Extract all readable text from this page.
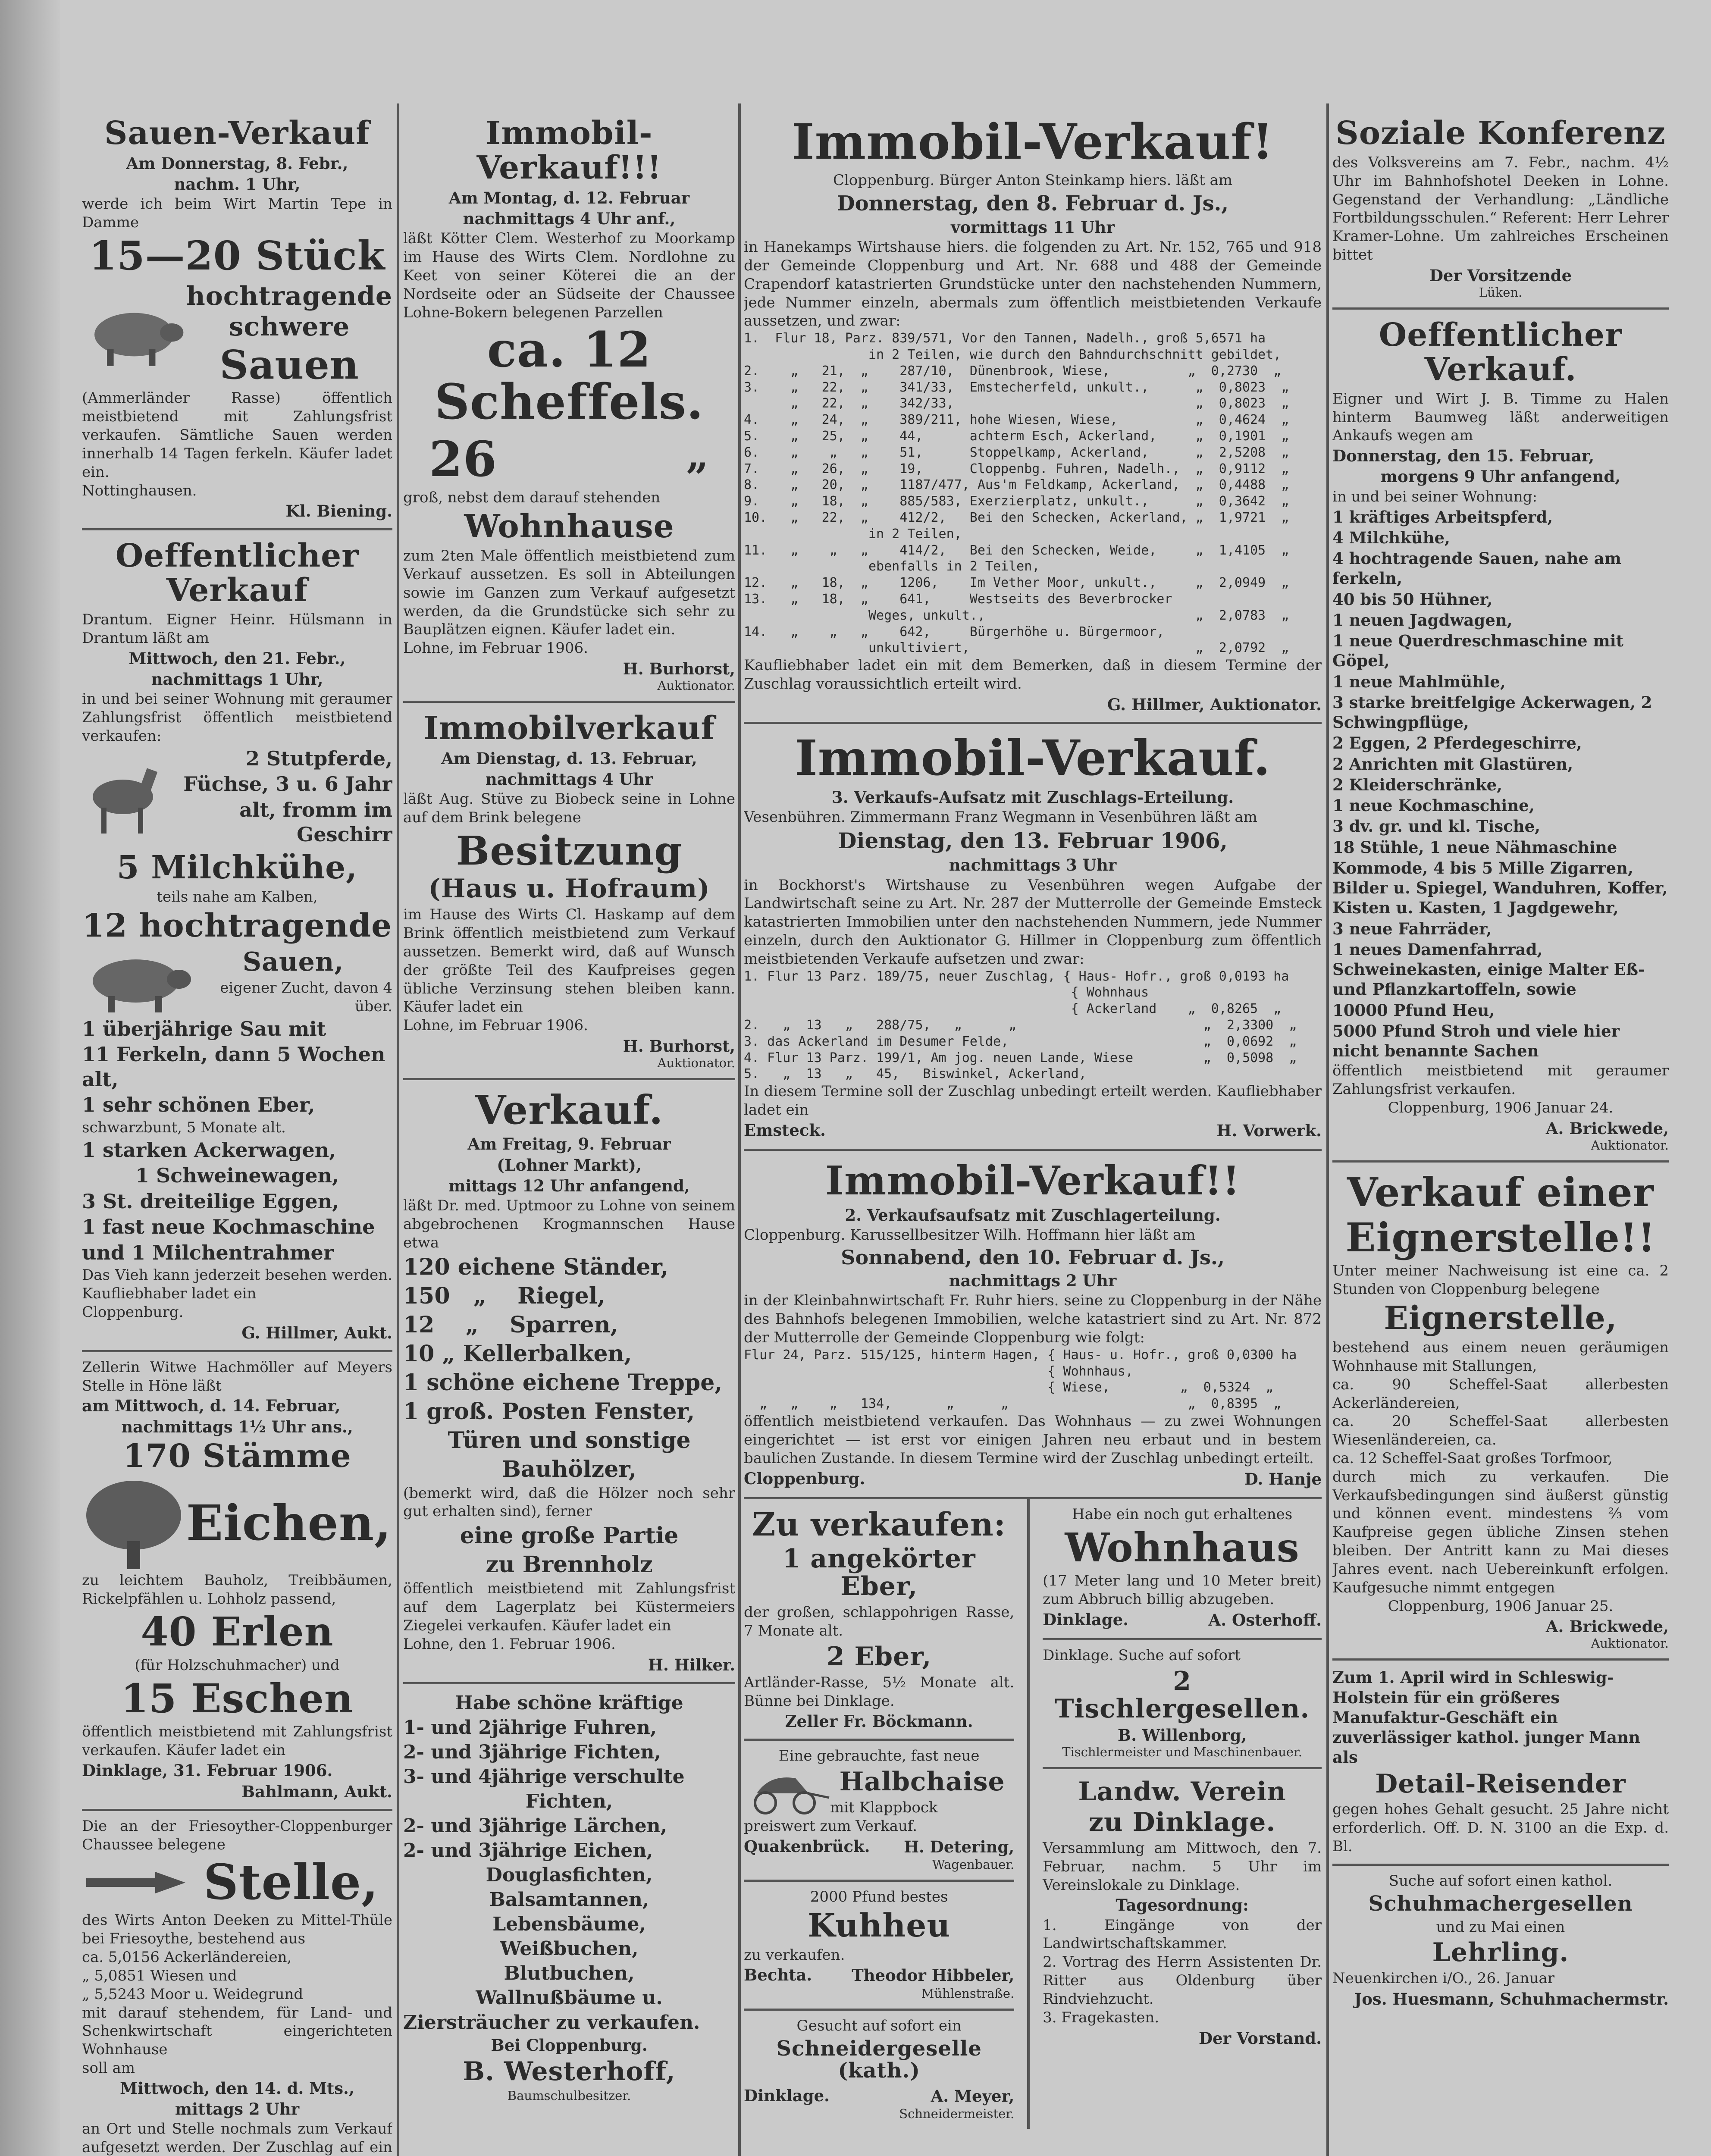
Sauen-Verkauf

Am Donnerstag, 8. Febr.,

nachm. 1 Uhr,

werde ich beim Wirt Martin Tepe in Damme

15—20 Stück
hochtragende
schwere
Sauen

(Ammerländer Rasse) öffentlich meistbietend mit Zahlungsfrist verkaufen. Sämtliche Sauen werden innerhalb 14 Tagen ferkeln. Käufer ladet ein.

Nottinghausen.

Kl. Biening.

Oeffentlicher Verkauf

Drantum. Eigner Heinr. Hülsmann in Drantum läßt am

Mittwoch, den 21. Febr.,

nachmittags 1 Uhr,

in und bei seiner Wohnung mit geraumer Zahlungsfrist öffentlich meistbietend verkaufen:

2 Stutpferde,

Füchse, 3 u. 6 Jahr

alt, fromm im Geschirr

5 Milchkühe,

teils nahe am Kalben,

12 hochtragende
Sauen,

eigener Zucht, davon 4 über.

1 überjährige Sau mit

11 Ferkeln, dann 5 Wochen alt,

1 sehr schönen Eber,

schwarzbunt, 5 Monate alt.

1 starken Ackerwagen,

1 Schweinewagen,

3 St. dreiteilige Eggen,

1 fast neue Kochmaschine

und 1 Milchentrahmer

Das Vieh kann jederzeit besehen werden. Kaufliebhaber ladet ein

Cloppenburg.

G. Hillmer, Aukt.

Zellerin Witwe Hachmöller auf Meyers Stelle in Höne läßt

am Mittwoch, d. 14. Februar,

nachmittags 1½ Uhr ans.,

170 Stämme
Eichen,

zu leichtem Bauholz, Treibbäumen, Rickelpfählen u. Lohholz passend,

40 Erlen

(für Holzschuhmacher) und

15 Eschen

öffentlich meistbietend mit Zahlungsfrist verkaufen. Käufer ladet ein

Dinklage, 31. Februar 1906.

Bahlmann, Aukt.

Die an der Friesoyther-Cloppenburger Chaussee belegene

Stelle,

des Wirts Anton Deeken zu Mittel-Thüle bei Friesoythe, bestehend aus

ca. 5,0156 Ackerländereien,

„ 5,0851 Wiesen und

„ 5,5243 Moor u. Weidegrund

mit darauf stehendem, für Land- und Schenkwirtschaft eingerichteten Wohnhause

soll am

Mittwoch, den 14. d. Mts.,

mittags 2 Uhr

an Ort und Stelle nochmals zum Verkauf aufgesetzt werden. Der Zuschlag auf ein

Immobil-Verkauf!!!

Am Montag, d. 12. Februar

nachmittags 4 Uhr anf.,

läßt Kötter Clem. Westerhof zu Moorkamp im Hause des Wirts Clem. Nordlohne zu Keet von seiner Köterei die an der Nordseite oder an Südseite der Chaussee Lohne-Bokern belegenen Parzellen

ca. 12 Scheffels.
26	„

groß, nebst dem darauf stehenden

Wohnhause

zum 2ten Male öffentlich meistbietend zum Verkauf aussetzen. Es soll in Abteilungen sowie im Ganzen zum Verkauf aufgesetzt werden, da die Grundstücke sich sehr zu Bauplätzen eignen. Käufer ladet ein.

Lohne, im Februar 1906.

H. Burhorst,

Auktionator.

Immobilverkauf

Am Dienstag, d. 13. Februar,

nachmittags 4 Uhr

läßt Aug. Stüve zu Biobeck seine in Lohne auf dem Brink belegene

Besitzung
(Haus u. Hofraum)

im Hause des Wirts Cl. Haskamp auf dem Brink öffentlich meistbietend zum Verkauf aussetzen. Bemerkt wird, daß auf Wunsch der größte Teil des Kaufpreises gegen übliche Verzinsung stehen bleiben kann. Käufer ladet ein

Lohne, im Februar 1906.

H. Burhorst,

Auktionator.

Verkauf.

Am Freitag, 9. Februar

(Lohner Markt),

mittags 12 Uhr anfangend,

läßt Dr. med. Uptmoor zu Lohne von seinem abgebrochenen Krogmannschen Hause etwa

120 eichene Ständer,

150   „    Riegel,

12    „    Sparren,

10 „ Kellerbalken,

1 schöne eichene Treppe,

1 groß. Posten Fenster,

Türen und sonstige

Bauhölzer,

(bemerkt wird, daß die Hölzer noch sehr gut erhalten sind), ferner

eine große Partie

zu Brennholz

öffentlich meistbietend mit Zahlungsfrist auf dem Lagerplatz bei Küstermeiers Ziegelei verkaufen. Käufer ladet ein

Lohne, den 1. Februar 1906.

H. Hilker.

Habe schöne kräftige

1- und 2jährige Fuhren,

2- und 3jährige Fichten,

3- und 4jährige verschulte

Fichten,

2- und 3jährige Lärchen,

2- und 3jährige Eichen,

Douglasfichten,

Balsamtannen,

Lebensbäume,

Weißbuchen,

Blutbuchen,

Wallnußbäume u.

Ziersträucher zu verkaufen.

Bei Cloppenburg.

B. Westerhoff,

Baumschulbesitzer.

Immobil-Verkauf!

Cloppenburg. Bürger Anton Steinkamp hiers. läßt am

Donnerstag, den 8. Februar d. Js.,

vormittags 11 Uhr

in Hanekamps Wirtshause hiers. die folgenden zu Art. Nr. 152, 765 und 918 der Gemeinde Cloppenburg und Art. Nr. 688 und 488 der Gemeinde Crapendorf katastrierten Grundstücke unter den nachstehenden Nummern, jede Nummer einzeln, abermals zum öffentlich meistbietenden Verkaufe aussetzen, und zwar:

1.  Flur 18, Parz. 839/571, Vor den Tannen, Nadelh., groß 5,6571 ha

in 2 Teilen, wie durch den Bahndurchschnitt gebildet,

2.    „   21,  „    287/10,  Dünenbrook, Wiese,          „  0,2730  „

3.    „   22,  „    341/33,  Emstecherfeld, unkult.,      „  0,8023  „

„   22,  „    342/33,                               „  0,8023  „

4.    „   24,  „    389/211, hohe Wiesen, Wiese,          „  0,4624  „

5.    „   25,  „    44,      achterm Esch, Ackerland,     „  0,1901  „

6.    „    „   „    51,      Stoppelkamp, Ackerland,      „  2,5208  „

7.    „   26,  „    19,      Cloppenbg. Fuhren, Nadelh.,  „  0,9112  „

8.    „   20,  „    1187/477, Aus'm Feldkamp, Ackerland,  „  0,4488  „

9.    „   18,  „    885/583, Exerzierplatz, unkult.,      „  0,3642  „

10.   „   22,  „    412/2,   Bei den Schecken, Ackerland, „  1,9721  „

in 2 Teilen,

11.   „    „   „    414/2,   Bei den Schecken, Weide,     „  1,4105  „

ebenfalls in 2 Teilen,

12.   „   18,  „    1206,    Im Vether Moor, unkult.,     „  2,0949  „

13.   „   18,  „    641,     Westseits des Beverbrocker

Weges, unkult.,                           „  2,0783  „

14.   „    „   „    642,     Bürgerhöhe u. Bürgermoor,

unkultiviert,                             „  2,0792  „

Kaufliebhaber ladet ein mit dem Bemerken, daß in diesem Termine der Zuschlag voraussichtlich erteilt wird.

G. Hillmer, Auktionator.

Immobil-Verkauf.

3. Verkaufs-Aufsatz mit Zuschlags-Erteilung.

Vesenbühren. Zimmermann Franz Wegmann in Vesenbühren läßt am

Dienstag, den 13. Februar 1906,

nachmittags 3 Uhr

in Bockhorst's Wirtshause zu Vesenbühren wegen Aufgabe der Landwirtschaft seine zu Art. Nr. 287 der Mutterrolle der Gemeinde Emsteck katastrierten Immobilien unter den nachstehenden Nummern, jede Nummer einzeln, durch den Auktionator G. Hillmer in Cloppenburg zum öffentlich meistbietenden Verkaufe aufsetzen und zwar:

1. Flur 13 Parz. 189/75, neuer Zuschlag, { Haus- Hofr., groß 0,0193 ha

{ Wohnhaus

{ Ackerland    „  0,8265  „

2.   „  13   „   288/75,   „      „                        „  2,3300  „

3. das Ackerland im Desumer Felde,                         „  0,0692  „

4. Flur 13 Parz. 199/1, Am jog. neuen Lande, Wiese         „  0,5098  „

5.   „  13   „   45,   Biswinkel, Ackerland,

In diesem Termine soll der Zuschlag unbedingt erteilt werden. Kaufliebhaber ladet ein

Emsteck.	H. Vorwerk.

Immobil-Verkauf!!

2. Verkaufsaufsatz mit Zuschlagerteilung.

Cloppenburg. Karussellbesitzer Wilh. Hoffmann hier läßt am

Sonnabend, den 10. Februar d. Js.,

nachmittags 2 Uhr

in der Kleinbahnwirtschaft Fr. Ruhr hiers. seine zu Cloppenburg in der Nähe des Bahnhofs belegenen Immobilien, welche katastriert sind zu Art. Nr. 872 der Mutterrolle der Gemeinde Cloppenburg wie folgt:

Flur 24, Parz. 515/125, hinterm Hagen, { Haus- u. Hofr., groß 0,0300 ha

{ Wohnhaus,

{ Wiese,         „  0,5324  „

„   „    „   134,       „      „                       „  0,8395  „

öffentlich meistbietend verkaufen. Das Wohnhaus — zu zwei Wohnungen eingerichtet — ist erst vor einigen Jahren neu erbaut und in bestem baulichen Zustande. In diesem Termine wird der Zuschlag unbedingt erteilt.

Cloppenburg.	D. Hanje

Zu verkaufen:
1 angekörter Eber,

der großen, schlappohrigen Rasse, 7 Monate alt.

2 Eber,

Artländer-Rasse, 5½ Monate alt. Bünne bei Dinklage.

Zeller Fr. Böckmann.

Eine gebrauchte, fast neue

Halbchaise

mit Klappbock

preiswert zum Verkauf.

Quakenbrück. H. Detering,

Wagenbauer.

2000 Pfund bestes

Kuhheu

zu verkaufen.

Bechta. Theodor Hibbeler,

Mühlenstraße.

Gesucht auf sofort ein

Schneidergeselle (kath.)

Dinklage.	A. Meyer,

Schneidermeister.

Habe ein noch gut erhaltenes

Wohnhaus

(17 Meter lang und 10 Meter breit) zum Abbruch billig abzugeben.

Dinklage.	A. Osterhoff.

Dinklage. Suche auf sofort

2 Tischlergesellen.

B. Willenborg,

Tischlermeister und Maschinenbauer.

Landw. Verein
zu Dinklage.

Versammlung am Mittwoch, den 7. Februar, nachm. 5 Uhr im Vereinslokale zu Dinklage.

Tagesordnung:

1. Eingänge von der Landwirtschaftskammer.

2. Vortrag des Herrn Assistenten Dr. Ritter aus Oldenburg über Rindviehzucht.

3. Fragekasten.

Der Vorstand.

Soziale Konferenz

des Volksvereins am 7. Febr., nachm. 4½ Uhr im Bahnhofshotel Deeken in Lohne. Gegenstand der Verhandlung: „Ländliche Fortbildungsschulen.“ Referent: Herr Lehrer Kramer-Lohne. Um zahlreiches Erscheinen bittet

Der Vorsitzende

Lüken.

Oeffentlicher Verkauf.

Eigner und Wirt J. B. Timme zu Halen hinterm Baumweg läßt anderweitigen Ankaufs wegen am

Donnerstag, den 15. Februar,

morgens 9 Uhr anfangend,

in und bei seiner Wohnung:

1 kräftiges Arbeitspferd,

4 Milchkühe,

4 hochtragende Sauen, nahe am ferkeln,

40 bis 50 Hühner,

1 neuen Jagdwagen,

1 neue Querdreschmaschine mit Göpel,

1 neue Mahlmühle,

3 starke breitfelgige Ackerwagen, 2 Schwingpflüge,

2 Eggen, 2 Pferdegeschirre,

2 Anrichten mit Glastüren,

2 Kleiderschränke,

1 neue Kochmaschine,

3 dv. gr. und kl. Tische,

18 Stühle, 1 neue Nähmaschine

Kommode, 4 bis 5 Mille Zigarren, Bilder u. Spiegel, Wanduhren, Koffer, Kisten u. Kasten, 1 Jagdgewehr,

3 neue Fahrräder,

1 neues Damenfahrrad, Schweinekasten, einige Malter Eß- und Pflanzkartoffeln, sowie

10000 Pfund Heu,

5000 Pfund Stroh und viele hier nicht benannte Sachen

öffentlich meistbietend mit geraumer Zahlungsfrist verkaufen.

Cloppenburg, 1906 Januar 24.

A. Brickwede,

Auktionator.

Verkauf einer
Eignerstelle!!

Unter meiner Nachweisung ist eine ca. 2 Stunden von Cloppenburg belegene

Eignerstelle,

bestehend aus einem neuen geräumigen Wohnhause mit Stallungen,

ca. 90 Scheffel-Saat allerbesten Ackerländereien,

ca. 20 Scheffel-Saat allerbesten Wiesenländereien, ca.

ca. 12 Scheffel-Saat großes Torfmoor,

durch mich zu verkaufen. Die Verkaufsbedingungen sind äußerst günstig und können event. mindestens ⅔ vom Kaufpreise gegen übliche Zinsen stehen bleiben. Der Antritt kann zu Mai dieses Jahres event. nach Uebereinkunft erfolgen. Kaufgesuche nimmt entgegen

Cloppenburg, 1906 Januar 25.

A. Brickwede,

Auktionator.

Zum 1. April wird in Schleswig-Holstein für ein größeres Manufaktur-Geschäft ein zuverlässiger kathol. junger Mann als

Detail-Reisender

gegen hohes Gehalt gesucht. 25 Jahre nicht erforderlich. Off. D. N. 3100 an die Exp. d. Bl.

Suche auf sofort einen kathol.

Schuhmachergesellen

und zu Mai einen

Lehrling.

Neuenkirchen i/O., 26. Januar

Jos. Huesmann, Schuhmachermstr.
